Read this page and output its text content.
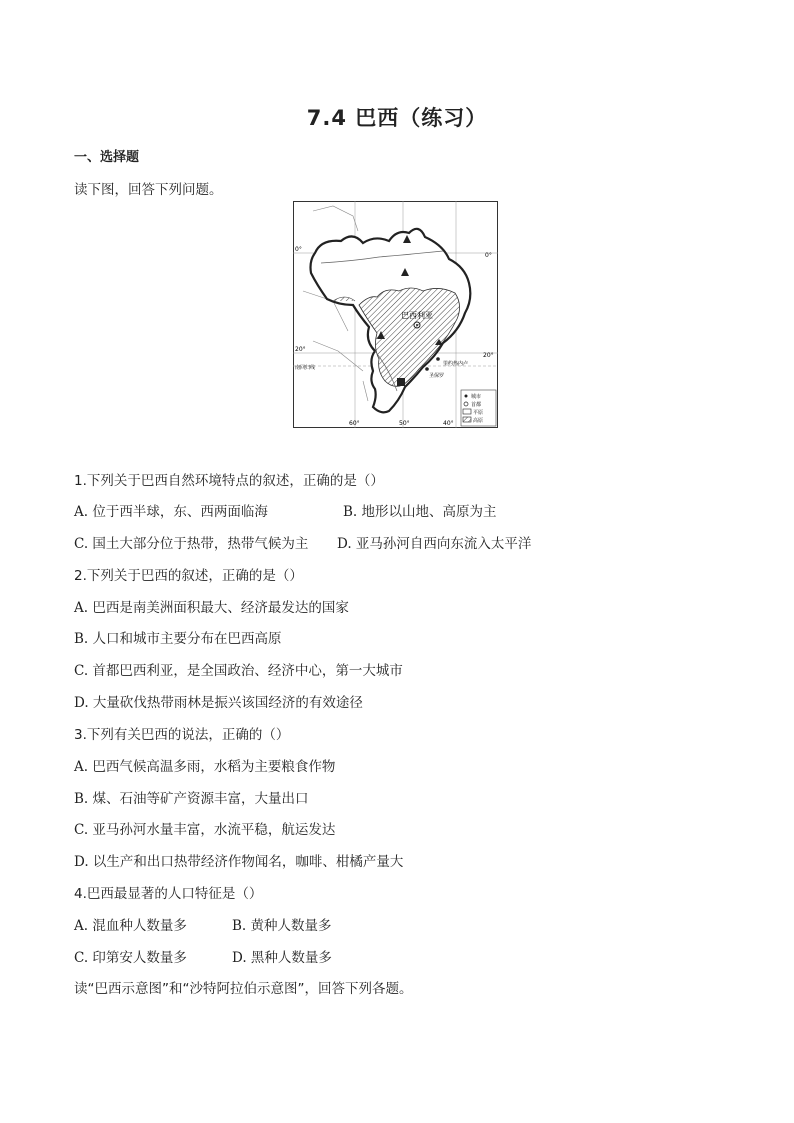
7.4 巴西（练习）
一、选择题
读下图，回答下列问题。
巴西利亚
里约热内卢
圣保罗
南回归线
0°
0°
20°
20°
60°	50°	40°
城市
首都
平原
高原
1.下列关于巴西自然环境特点的叙述，正确的是（）
A. 位于西半球，东、西两面临海	B. 地形以山地、高原为主
C. 国土大部分位于热带，热带气候为主 D. 亚马孙河自西向东流入太平洋
2.下列关于巴西的叙述，正确的是（）
A. 巴西是南美洲面积最大、经济最发达的国家
B. 人口和城市主要分布在巴西高原
C. 首都巴西利亚，是全国政治、经济中心，第一大城市
D. 大量砍伐热带雨林是振兴该国经济的有效途径
3.下列有关巴西的说法，正确的（）
A. 巴西气候高温多雨，水稻为主要粮食作物
B. 煤、石油等矿产资源丰富，大量出口
C. 亚马孙河水量丰富，水流平稳，航运发达
D. 以生产和出口热带经济作物闻名，咖啡、柑橘产量大
4.巴西最显著的人口特征是（）
A. 混血种人数量多	B. 黄种人数量多
C. 印第安人数量多	D. 黑种人数量多
读“巴西示意图”和“沙特阿拉伯示意图”，回答下列各题。
